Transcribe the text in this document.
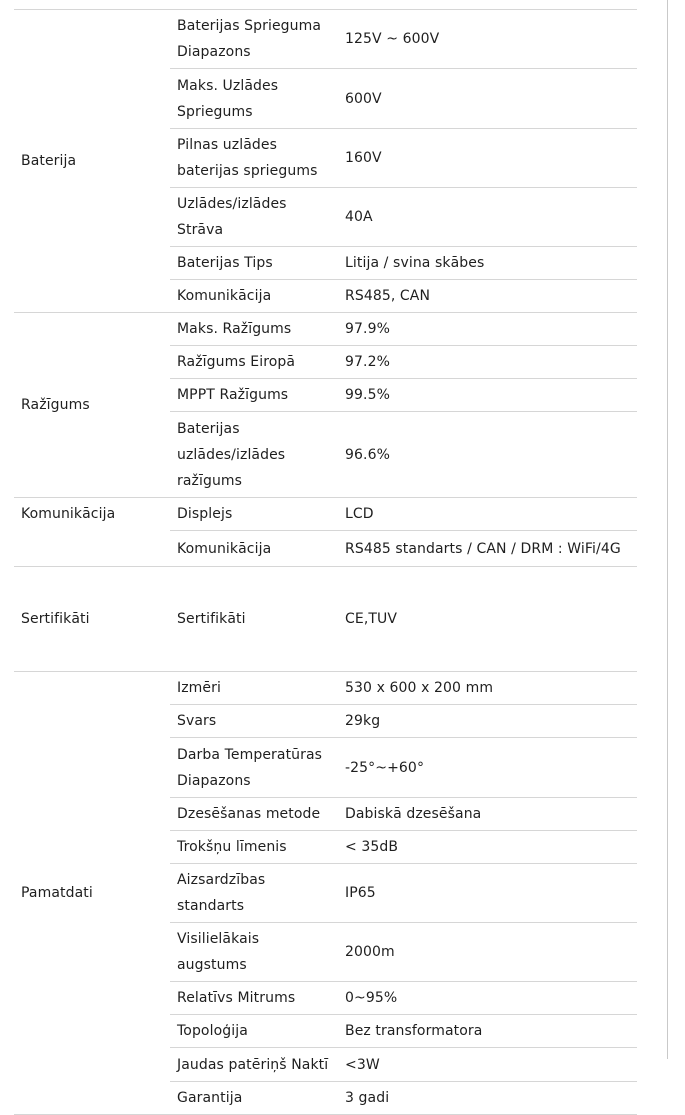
Baterija	Baterijas Sprieguma Diapazons	125V ~ 600V
	Maks. Uzlādes Spriegums	600V
	Pilnas uzlādes baterijas spriegums	160V
	Uzlādes/izlādes Strāva	40A
	Baterijas Tips	Litija / svina skābes
	Komunikācija	RS485, CAN
Ražīgums	Maks. Ražīgums	97.9%
	Ražīgums Eiropā	97.2%
	MPPT Ražīgums	99.5%
	Baterijas uzlādes/izlādes ražīgums	96.6%
Komunikācija	Displejs	LCD
	Komunikācija	RS485 standarts / CAN / DRM : WiFi/4G
Sertifikāti	Sertifikāti	CE,TUV
Pamatdati	Izmēri	530 x 600 x 200 mm
	Svars	29kg
	Darba Temperatūras Diapazons	-25°~+60°
	Dzesēšanas metode	Dabiskā dzesēšana
	Trokšņu līmenis	< 35dB
	Aizsardzības standarts	IP65
	Visilielākais augstums	2000m
	Relatīvs Mitrums	0~95%
	Topoloģija	Bez transformatora
	Jaudas patēriņš Naktī	<3W
	Garantija	3 gadi
